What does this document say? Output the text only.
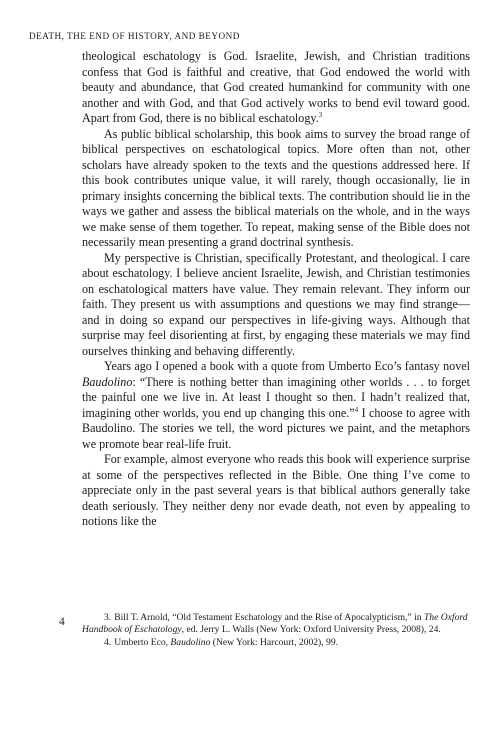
DEATH, THE END OF HISTORY, AND BEYOND

theological eschatology is God. Israelite, Jewish, and Christian traditions confess that God is faithful and creative, that God endowed the world with beauty and abundance, that God created humankind for community with one another and with God, and that God actively works to bend evil toward good. Apart from God, there is no biblical eschatology.$^3$

As public biblical scholarship, this book aims to survey the broad range of biblical perspectives on eschatological topics. More often than not, other scholars have already spoken to the texts and the questions addressed here. If this book contributes unique value, it will rarely, though occasionally, lie in primary insights concerning the biblical texts. The contribution should lie in the ways we gather and assess the biblical materials on the whole, and in the ways we make sense of them together. To repeat, making sense of the Bible does not necessarily mean presenting a grand doctrinal synthesis.

My perspective is Christian, specifically Protestant, and theological. I care about eschatology. I believe ancient Israelite, Jewish, and Christian testimonies on eschatological matters have value. They remain relevant. They inform our faith. They present us with assumptions and questions we may find strange—and in doing so expand our perspectives in life-giving ways. Although that surprise may feel disorienting at first, by engaging these materials we may find ourselves thinking and behaving differently.

Years ago I opened a book with a quote from Umberto Eco’s fantasy novel Baudolino: “There is nothing better than imagining other worlds . . . to forget the painful one we live in. At least I thought so then. I hadn’t realized that, imagining other worlds, you end up changing this one.”$^4$ I choose to agree with Baudolino. The stories we tell, the word pictures we paint, and the metaphors we promote bear real-life fruit.

For example, almost everyone who reads this book will experience surprise at some of the perspectives reflected in the Bible. One thing I’ve come to appreciate only in the past several years is that biblical authors generally take death seriously. They neither deny nor evade death, not even by appealing to notions like the

4	3. Bill T. Arnold, “Old Testament Eschatology and the Rise of Apocalypticism,” in The Oxford Handbook of Eschatology, ed. Jerry L. Walls (New York: Oxford University Press, 2008), 24.

4. Umberto Eco, Baudolino (New York: Harcourt, 2002), 99.
